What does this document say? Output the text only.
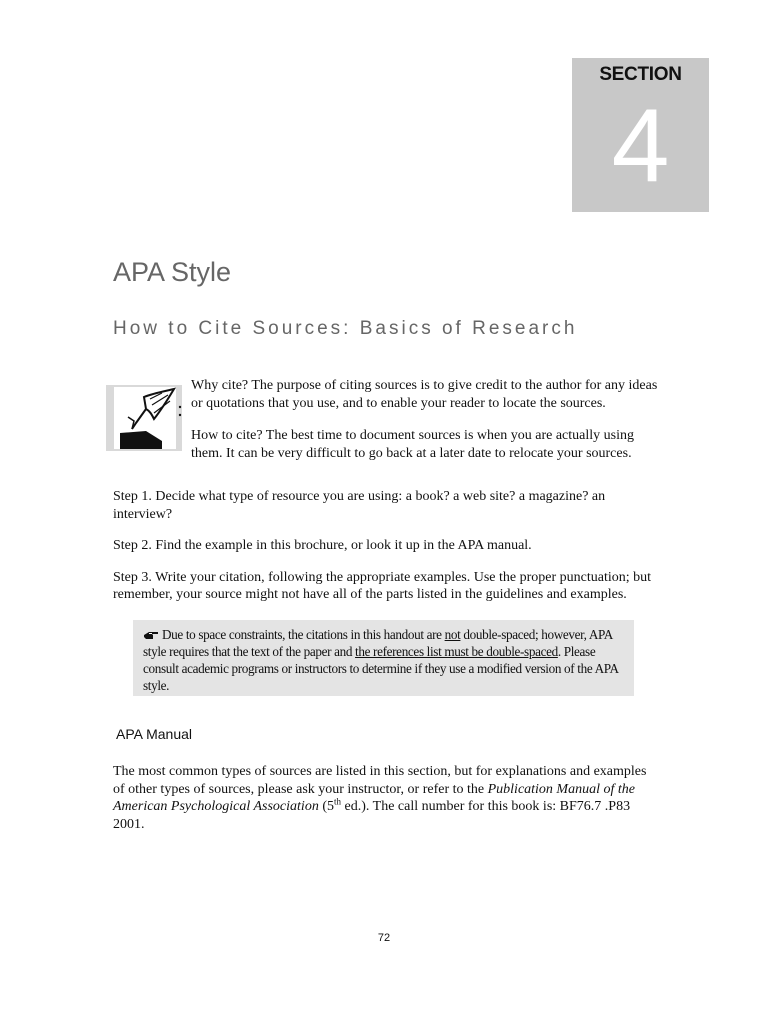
SECTION
4
APA Style
How to Cite Sources: Basics of Research

Why cite? The purpose of citing sources is to give credit to the author for any ideas or quotations that you use, and to enable your reader to locate the sources.

How to cite? The best time to document sources is when you are actually using them. It can be very difficult to go back at a later date to relocate your sources.

Step 1. Decide what type of resource you are using: a book? a web site? a magazine? an interview?

Step 2. Find the example in this brochure, or look it up in the APA manual.

Step 3. Write your citation, following the appropriate examples. Use the proper punctuation; but remember, your source might not have all of the parts listed in the guidelines and examples.

Due to space constraints, the citations in this handout are not double-spaced; however, APA style requires that the text of the paper and the references list must be double-spaced. Please consult academic programs or instructors to determine if they use a modified version of the APA style.
APA Manual

The most common types of sources are listed in this section, but for explanations and examples of other types of sources, please ask your instructor, or refer to the Publication Manual of the American Psychological Association (5th ed.). The call number for this book is: BF76.7 .P83 2001.

72
